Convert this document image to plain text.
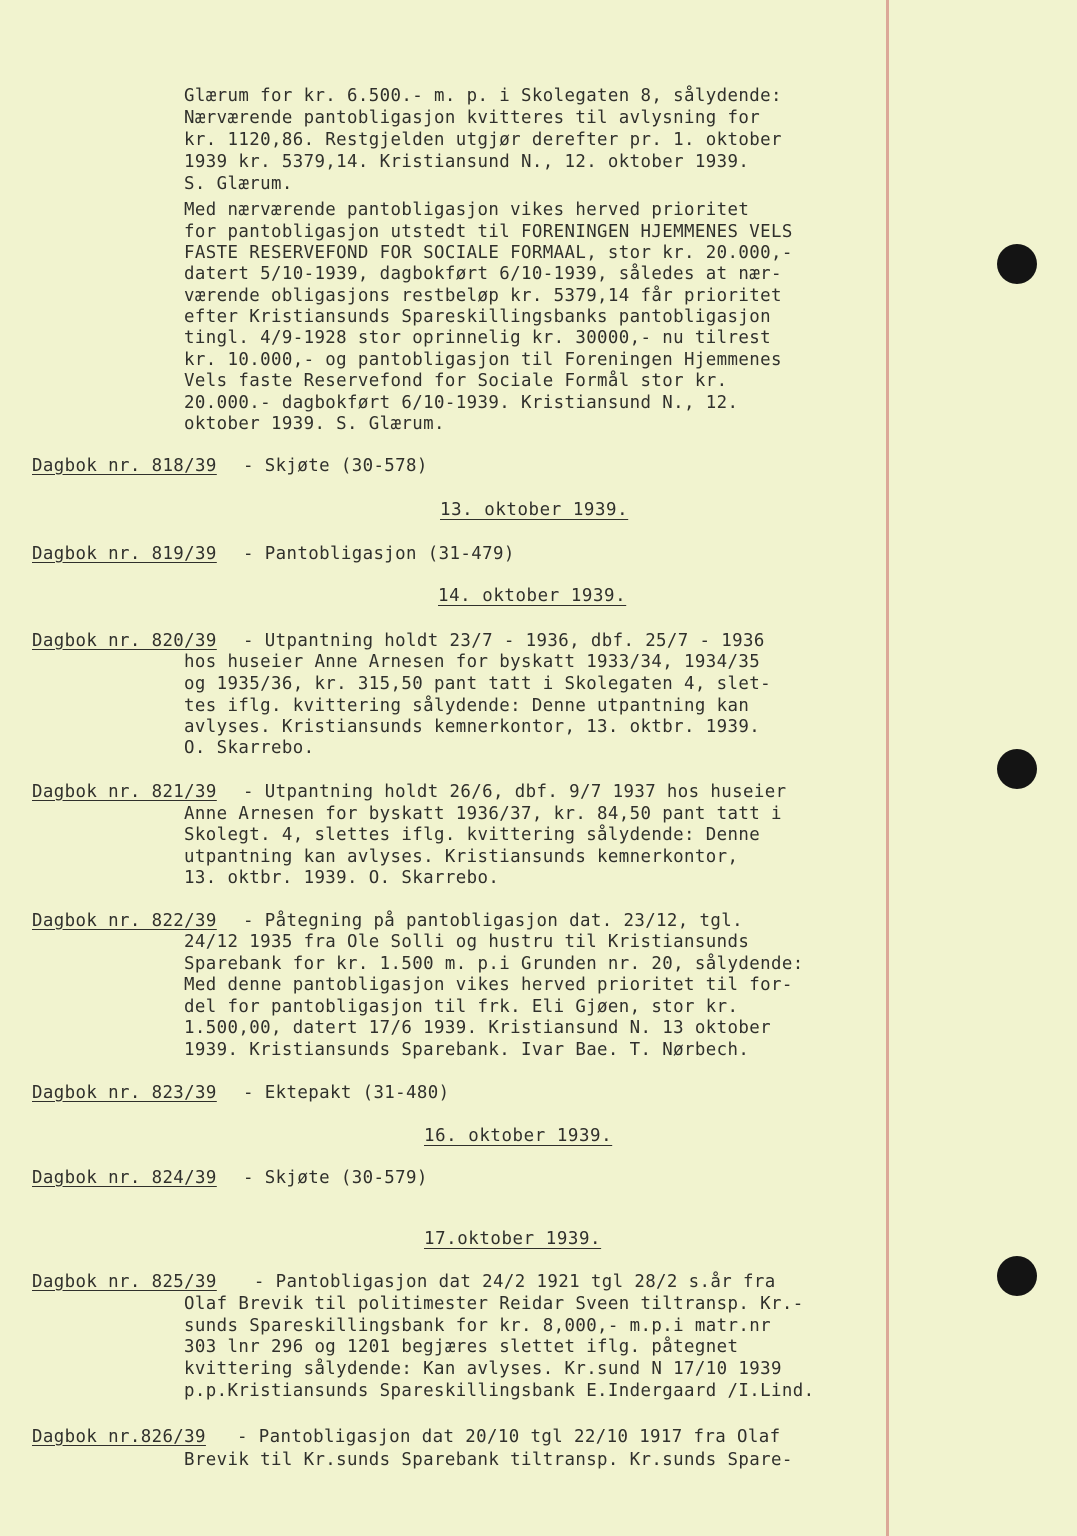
Glærum for kr. 6.500.- m. p. i Skolegaten 8, sålydende:
Nærværende pantobligasjon kvitteres til avlysning for
kr. 1120,86. Restgjelden utgjør derefter pr. 1. oktober
1939 kr. 5379,14. Kristiansund N., 12. oktober 1939.
S. Glærum.
Med nærværende pantobligasjon vikes herved prioritet
for pantobligasjon utstedt til FORENINGEN HJEMMENES VELS
FASTE RESERVEFOND FOR SOCIALE FORMAAL, stor kr. 20.000,-
datert 5/10-1939, dagbokført 6/10-1939, således at nær-
værende obligasjons restbeløp kr. 5379,14 får prioritet
efter Kristiansunds Spareskillingsbanks pantobligasjon
tingl. 4/9-1928 stor oprinnelig kr. 30000,- nu tilrest
kr. 10.000,- og pantobligasjon til Foreningen Hjemmenes
Vels faste Reservefond for Sociale Formål stor kr.
20.000.- dagbokført 6/10-1939. Kristiansund N., 12.
oktober 1939. S. Glærum.
Dagbok nr. 818/39 - Skjøte (30-578)
13. oktober 1939.
Dagbok nr. 819/39 - Pantobligasjon (31-479)
14. oktober 1939.
Dagbok nr. 820/39 - Utpantning holdt 23/7 - 1936, dbf. 25/7 - 1936
hos huseier Anne Arnesen for byskatt 1933/34, 1934/35
og 1935/36, kr. 315,50 pant tatt i Skolegaten 4, slet-
tes iflg. kvittering sålydende: Denne utpantning kan
avlyses. Kristiansunds kemnerkontor, 13. oktbr. 1939.
O. Skarrebo.
Dagbok nr. 821/39 - Utpantning holdt 26/6, dbf. 9/7 1937 hos huseier
Anne Arnesen for byskatt 1936/37, kr. 84,50 pant tatt i
Skolegt. 4, slettes iflg. kvittering sålydende: Denne
utpantning kan avlyses. Kristiansunds kemnerkontor,
13. oktbr. 1939. O. Skarrebo.
Dagbok nr. 822/39 - Påtegning på pantobligasjon dat. 23/12, tgl.
24/12 1935 fra Ole Solli og hustru til Kristiansunds
Sparebank for kr. 1.500 m. p.i Grunden nr. 20, sålydende:
Med denne pantobligasjon vikes herved prioritet til for-
del for pantobligasjon til frk. Eli Gjøen, stor kr.
1.500,00, datert 17/6 1939. Kristiansund N. 13 oktober
1939. Kristiansunds Sparebank. Ivar Bae. T. Nørbech.
Dagbok nr. 823/39 - Ektepakt (31-480)
16. oktober 1939.
Dagbok nr. 824/39 - Skjøte (30-579)
17.oktober 1939.
Dagbok nr. 825/39 - Pantobligasjon dat 24/2 1921 tgl 28/2 s.år fra
Olaf Brevik til politimester Reidar Sveen tiltransp. Kr.-
sunds Spareskillingsbank for kr. 8,000,- m.p.i matr.nr
303 lnr 296 og 1201 begjæres slettet iflg. påtegnet
kvittering sålydende: Kan avlyses. Kr.sund N 17/10 1939
p.p.Kristiansunds Spareskillingsbank E.Indergaard /I.Lind.
Dagbok nr.826/39 - Pantobligasjon dat 20/10 tgl 22/10 1917 fra Olaf
Brevik til Kr.sunds Sparebank tiltransp. Kr.sunds Spare-
